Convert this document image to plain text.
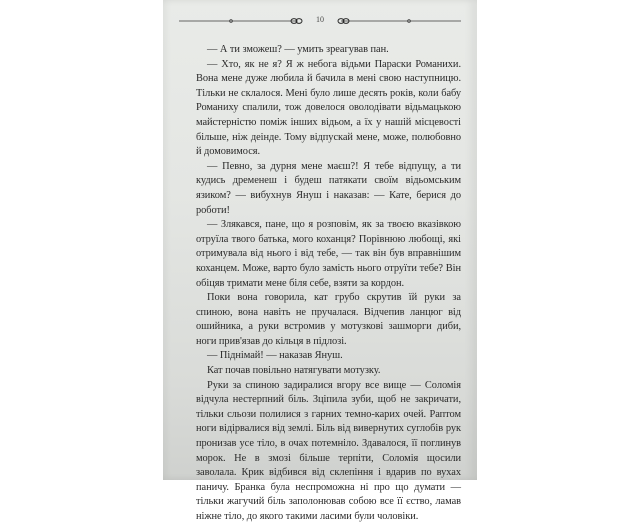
10

— А ти зможеш? — умить зреагував пан.

— Хто, як не я? Я ж небога відьми Параски Романихи. Вона мене дуже любила й бачила в мені свою наступницю. Тільки не склалося. Мені було лише десять років, коли бабу Романиху спалили, тож довелося оволодівати відьмацькою майстерністю поміж інших відьом, а їх у нашій місцевості більше, ніж деінде. Тому відпускай мене, може, полюбовно й домовимося.

— Певно, за дурня мене маєш?! Я тебе відпущу, а ти кудись дременеш і будеш патякати своїм відьомським язиком? — вибухнув Януш і наказав: — Кате, берися до роботи!

— Злякався, пане, що я розповім, як за твоєю вказівкою отруїла твого батька, мого коханця? Порівнюю любощі, які отримувала від нього і від тебе, — так він був вправнішим коханцем. Може, варто було замість нього отруїти тебе? Він обіцяв тримати мене біля себе, взяти за кордон.

Поки вона говорила, кат грубо скрутив їй руки за спиною, вона навіть не пручалася. Відчепив ланцюг від ошийника, а руки встромив у мотузкові зашморги диби, ноги прив'язав до кільця в підлозі.

— Піднімай! — наказав Януш.

Кат почав повільно натягувати мотузку.

Руки за спиною задиралися вгору все вище — Соломія відчула нестерпний біль. Зціпила зуби, щоб не закричати, тільки сльози полилися з гарних темно-карих очей. Раптом ноги відірвалися від землі. Біль від вивернутих суглобів рук пронизав усе тіло, в очах потемніло. Здавалося, її поглинув морок. Не в змозі більше терпіти, Соломія щосили заволала. Крик відбився від склепіння і вдарив по вухах паничу. Бранка була неспроможна ні про що думати — тільки жагучий біль заполонював собою все її єство, ламав ніжне тіло, до якого такими ласими були чоловіки.
